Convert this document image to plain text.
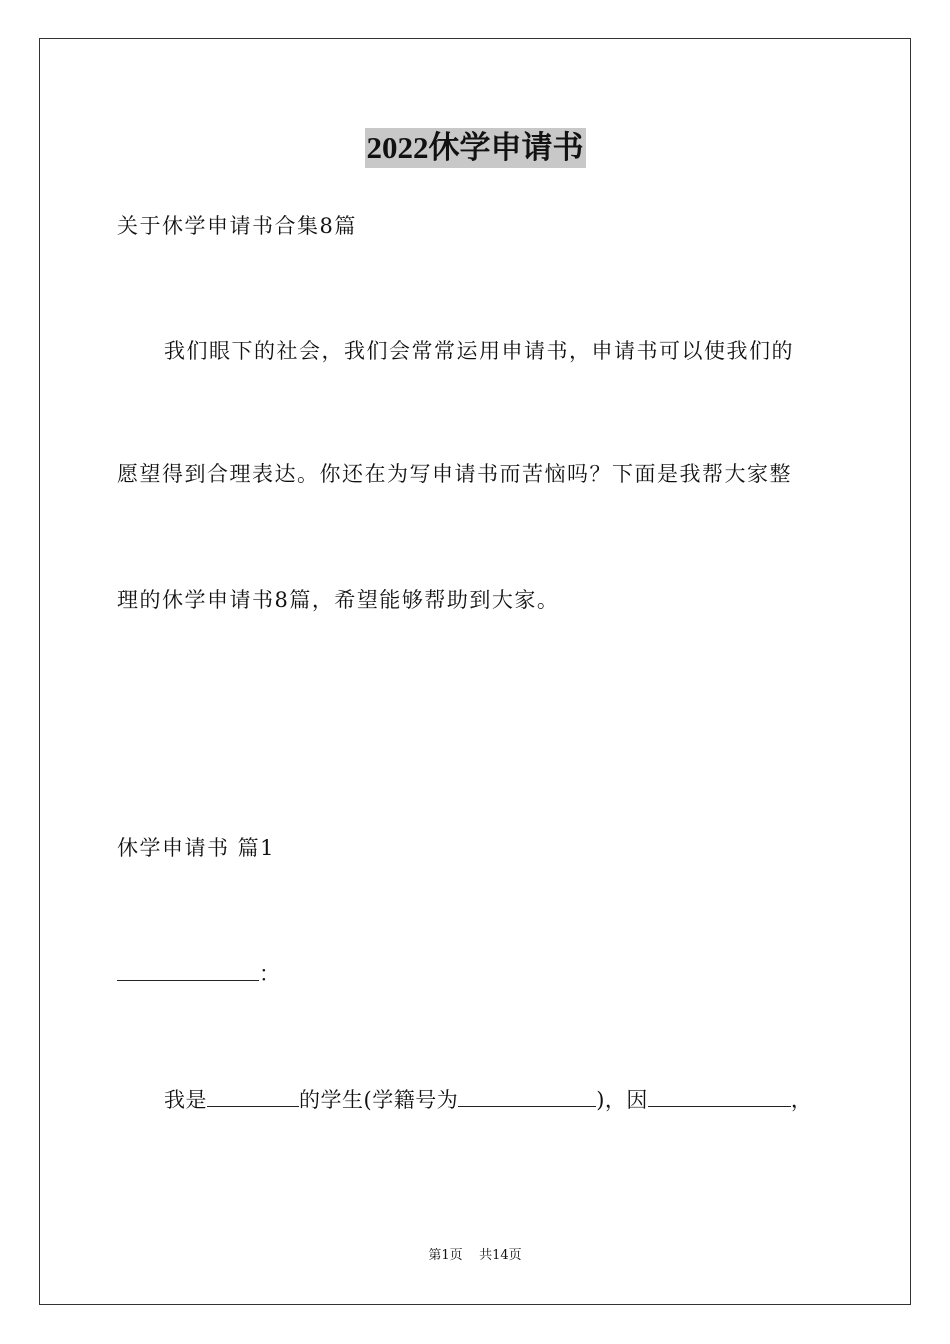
2022休学申请书
关于休学申请书合集8篇
我们眼下的社会，我们会常常运用申请书，申请书可以使我们的
愿望得到合理表达。你还在为写申请书而苦恼吗？下面是我帮大家整
理的休学申请书8篇，希望能够帮助到大家。
休学申请书 篇1
：
我是	的学生(学籍号为	)，因	，
第1页 共14页
